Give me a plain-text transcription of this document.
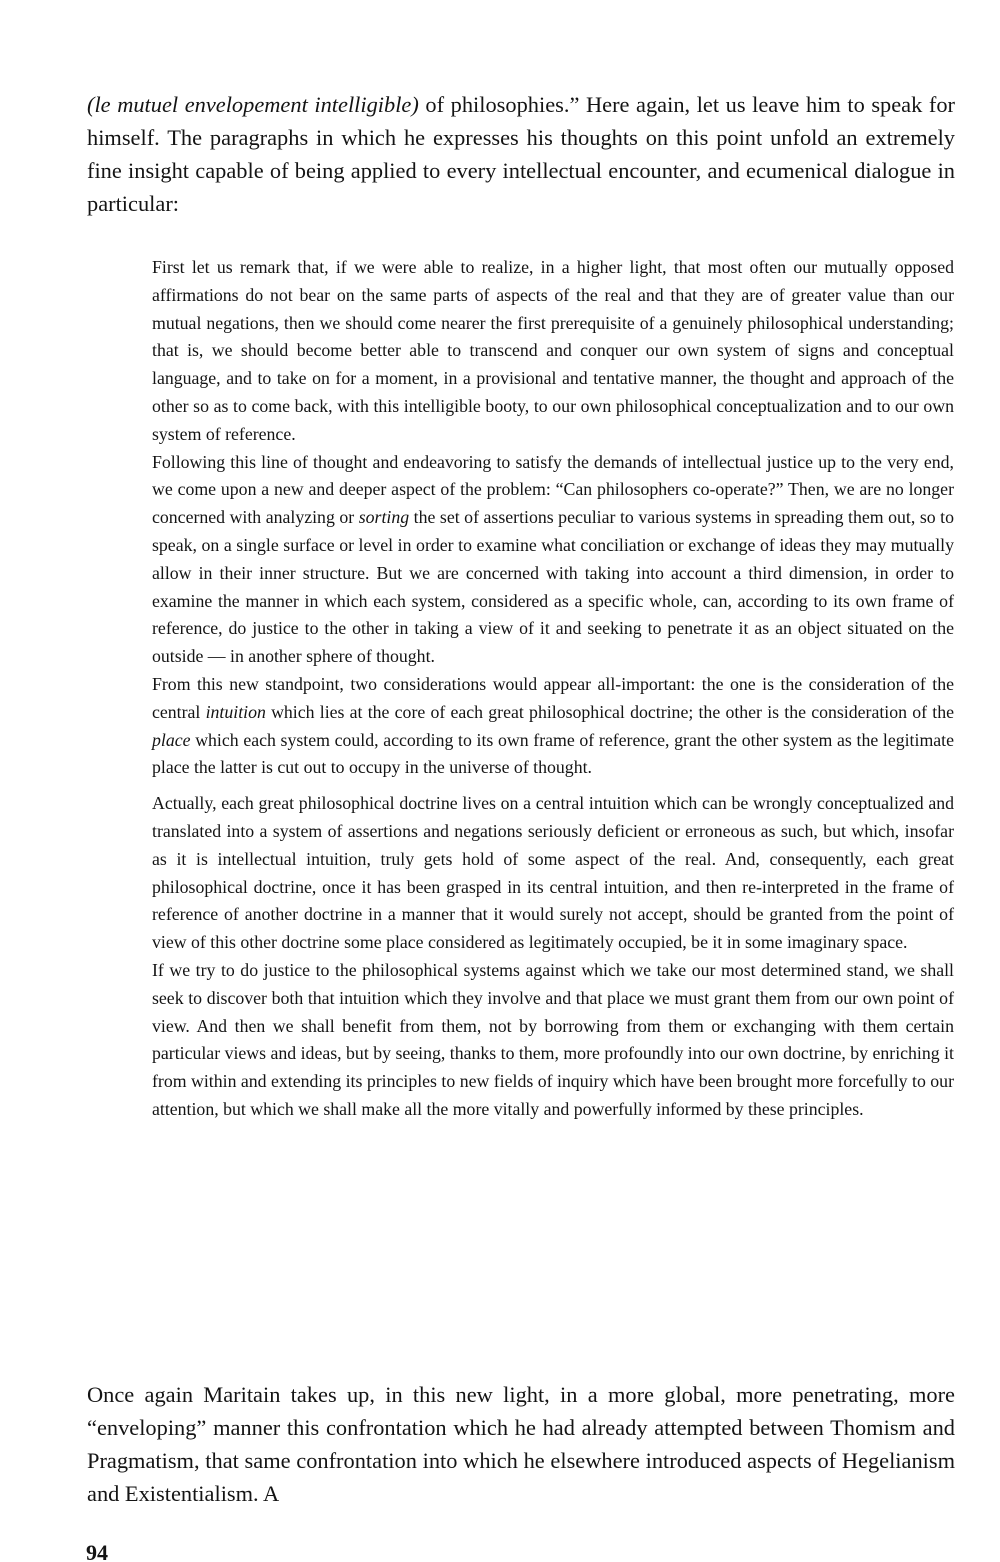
(le mutuel envelopement intelligible) of philosophies.” Here again, let us leave him to speak for himself. The paragraphs in which he expresses his thoughts on this point unfold an extremely fine insight capable of being applied to every intellectual encounter, and ecumenical dialogue in particular:

First let us remark that, if we were able to realize, in a higher light, that most often our mutually opposed affirmations do not bear on the same parts of aspects of the real and that they are of greater value than our mutual negations, then we should come nearer the first prerequisite of a genuinely philosophical understanding; that is, we should become better able to transcend and conquer our own system of signs and conceptual language, and to take on for a moment, in a provisional and tentative manner, the thought and approach of the other so as to come back, with this intelligible booty, to our own philosophical conceptualization and to our own system of reference.

Following this line of thought and endeavoring to satisfy the demands of intellectual justice up to the very end, we come upon a new and deeper aspect of the problem: “Can philosophers co-operate?” Then, we are no longer concerned with analyzing or sorting the set of assertions peculiar to various systems in spreading them out, so to speak, on a single surface or level in order to examine what conciliation or exchange of ideas they may mutually allow in their inner structure. But we are concerned with taking into account a third dimension, in order to examine the manner in which each system, considered as a specific whole, can, according to its own frame of reference, do justice to the other in taking a view of it and seeking to penetrate it as an object situated on the outside — in another sphere of thought.

From this new standpoint, two considerations would appear all-important: the one is the consideration of the central intuition which lies at the core of each great philosophical doctrine; the other is the consideration of the place which each system could, according to its own frame of reference, grant the other system as the legitimate place the latter is cut out to occupy in the universe of thought.

Actually, each great philosophical doctrine lives on a central intuition which can be wrongly conceptualized and translated into a system of assertions and negations seriously deficient or erroneous as such, but which, insofar as it is intellectual intuition, truly gets hold of some aspect of the real. And, consequently, each great philosophical doctrine, once it has been grasped in its central intuition, and then re-interpreted in the frame of reference of another doctrine in a manner that it would surely not accept, should be granted from the point of view of this other doctrine some place considered as legitimately occupied, be it in some imaginary space.

If we try to do justice to the philosophical systems against which we take our most determined stand, we shall seek to discover both that intuition which they involve and that place we must grant them from our own point of view. And then we shall benefit from them, not by borrowing from them or exchanging with them certain particular views and ideas, but by seeing, thanks to them, more profoundly into our own doctrine, by enriching it from within and extending its principles to new fields of inquiry which have been brought more forcefully to our attention, but which we shall make all the more vitally and powerfully informed by these principles.

Once again Maritain takes up, in this new light, in a more global, more penetrating, more “enveloping” manner this confrontation which he had already attempted between Thomism and Pragmatism, that same confrontation into which he elsewhere introduced aspects of Hegelianism and Existentialism. A

94
